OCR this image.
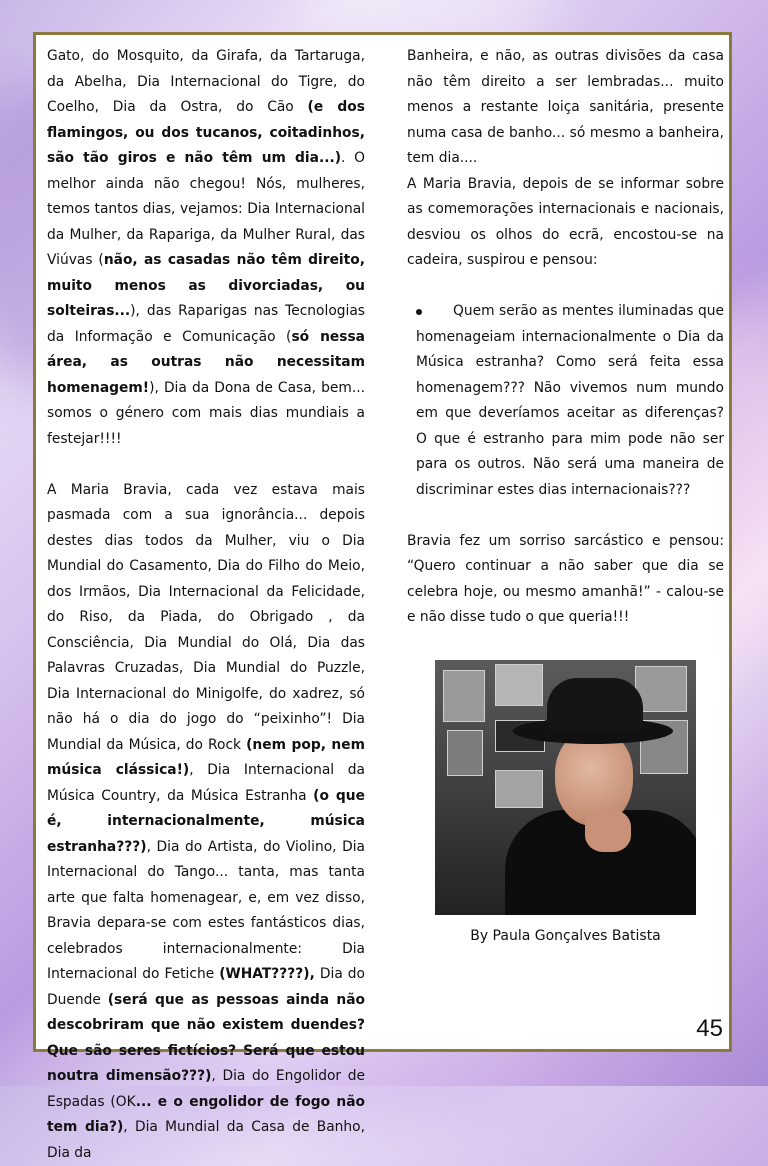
Gato, do Mosquito, da Girafa, da Tartaruga, da Abelha, Dia Internacional do Tigre, do Coelho, Dia da Ostra, do Cão (e dos flamingos, ou dos tucanos, coitadinhos, são tão giros e não têm um dia...). O melhor ainda não chegou! Nós, mulheres, temos tantos dias, vejamos: Dia Internacional da Mulher, da Rapariga, da Mulher Rural, das Viúvas (não, as casadas não têm direito, muito menos as divorciadas, ou solteiras...), das Raparigas nas Tecnologias da Informação e Comunicação (só nessa área, as outras não necessitam homenagem!), Dia da Dona de Casa, bem... somos o género com mais dias mundiais a festejar!!!!

A Maria Bravia, cada vez estava mais pasmada com a sua ignorância... depois destes dias todos da Mulher, viu o Dia Mundial do Casamento, Dia do Filho do Meio, dos Irmãos, Dia Internacional da Felicidade, do Riso, da Piada, do Obrigado , da Consciência, Dia Mundial do Olá, Dia das Palavras Cruzadas, Dia Mundial do Puzzle, Dia Internacional do Minigolfe, do xadrez, só não há o dia do jogo do “peixinho”! Dia Mundial da Música, do Rock (nem pop, nem música clássica!), Dia Internacional da Música Country, da Música Estranha (o que é, internacionalmente, música estranha???), Dia do Artista, do Violino, Dia Internacional do Tango... tanta, mas tanta arte que falta homenagear, e, em vez disso, Bravia depara-se com estes fantásticos dias, celebrados internacionalmente: Dia Internacional do Fetiche (WHAT????), Dia do Duende (será que as pessoas ainda não descobriram que não existem duendes? Que são seres fictícios? Será que estou noutra dimensão???), Dia do Engolidor de Espadas (OK... e o engolidor de fogo não tem dia?), Dia Mundial da Casa de Banho, Dia da

Banheira, e não, as outras divisões da casa não têm direito a ser lembradas... muito menos a restante loiça sanitária, presente numa casa de banho... só mesmo a banheira, tem dia....

A Maria Bravia, depois de se informar sobre as comemorações internacionais e nacionais, desviou os olhos do ecrã, encostou-se na cadeira, suspirou e pensou:

Quem serão as mentes iluminadas que homenageiam internacionalmente o Dia da Música estranha? Como será feita essa homenagem??? Não vivemos num mundo em que deveríamos aceitar as diferenças? O que é estranho para mim pode não ser para os outros. Não será uma maneira de discriminar estes dias internacionais???

Bravia fez um sorriso sarcástico e pensou: “Quero continuar a não saber que dia se celebra hoje, ou mesmo amanhã!” - calou-se e não disse tudo o que queria!!!

By Paula Gonçalves Batista
45
